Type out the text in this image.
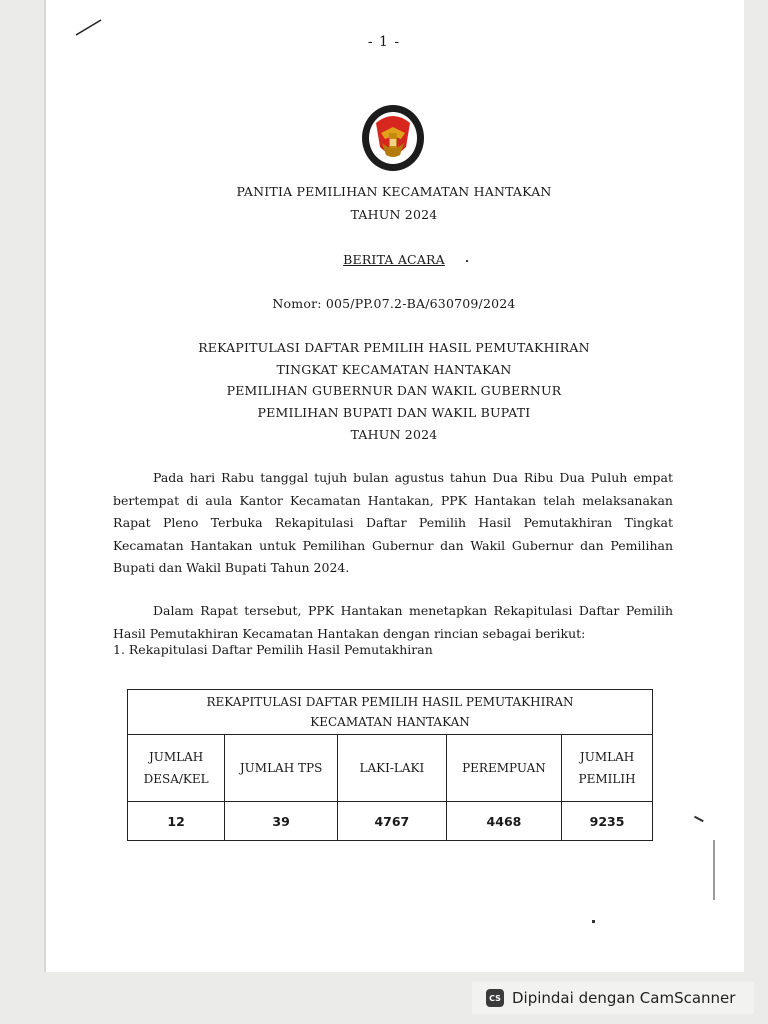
- 1 -
PANITIA PEMILIHAN KECAMATAN HANTAKAN
TAHUN 2024
BERITA ACARA
Nomor: 005/PP.07.2-BA/630709/2024
REKAPITULASI DAFTAR PEMILIH HASIL PEMUTAKHIRAN
TINGKAT KECAMATAN HANTAKAN
PEMILIHAN GUBERNUR DAN WAKIL GUBERNUR
PEMILIHAN BUPATI DAN WAKIL BUPATI
TAHUN 2024

Pada hari Rabu tanggal tujuh bulan agustus tahun Dua Ribu Dua Puluh empat bertempat di aula Kantor Kecamatan Hantakan, PPK Hantakan telah melaksanakan Rapat Pleno Terbuka Rekapitulasi Daftar Pemilih Hasil Pemutakhiran Tingkat Kecamatan Hantakan untuk Pemilihan Gubernur dan Wakil Gubernur dan Pemilihan Bupati dan Wakil Bupati Tahun 2024.

Dalam Rapat tersebut, PPK Hantakan menetapkan Rekapitulasi Daftar Pemilih Hasil Pemutakhiran Kecamatan Hantakan dengan rincian sebagai berikut:

1. Rekapitulasi Daftar Pemilih Hasil Pemutakhiran
REKAPITULASI DAFTAR PEMILIH HASIL PEMUTAKHIRAN
KECAMATAN HANTAKAN				
JUMLAH DESA/KEL	JUMLAH TPS	LAKI-LAKI	PEREMPUAN	JUMLAH PEMILIH
12	39	4767	4468	9235
CS Dipindai dengan CamScanner
